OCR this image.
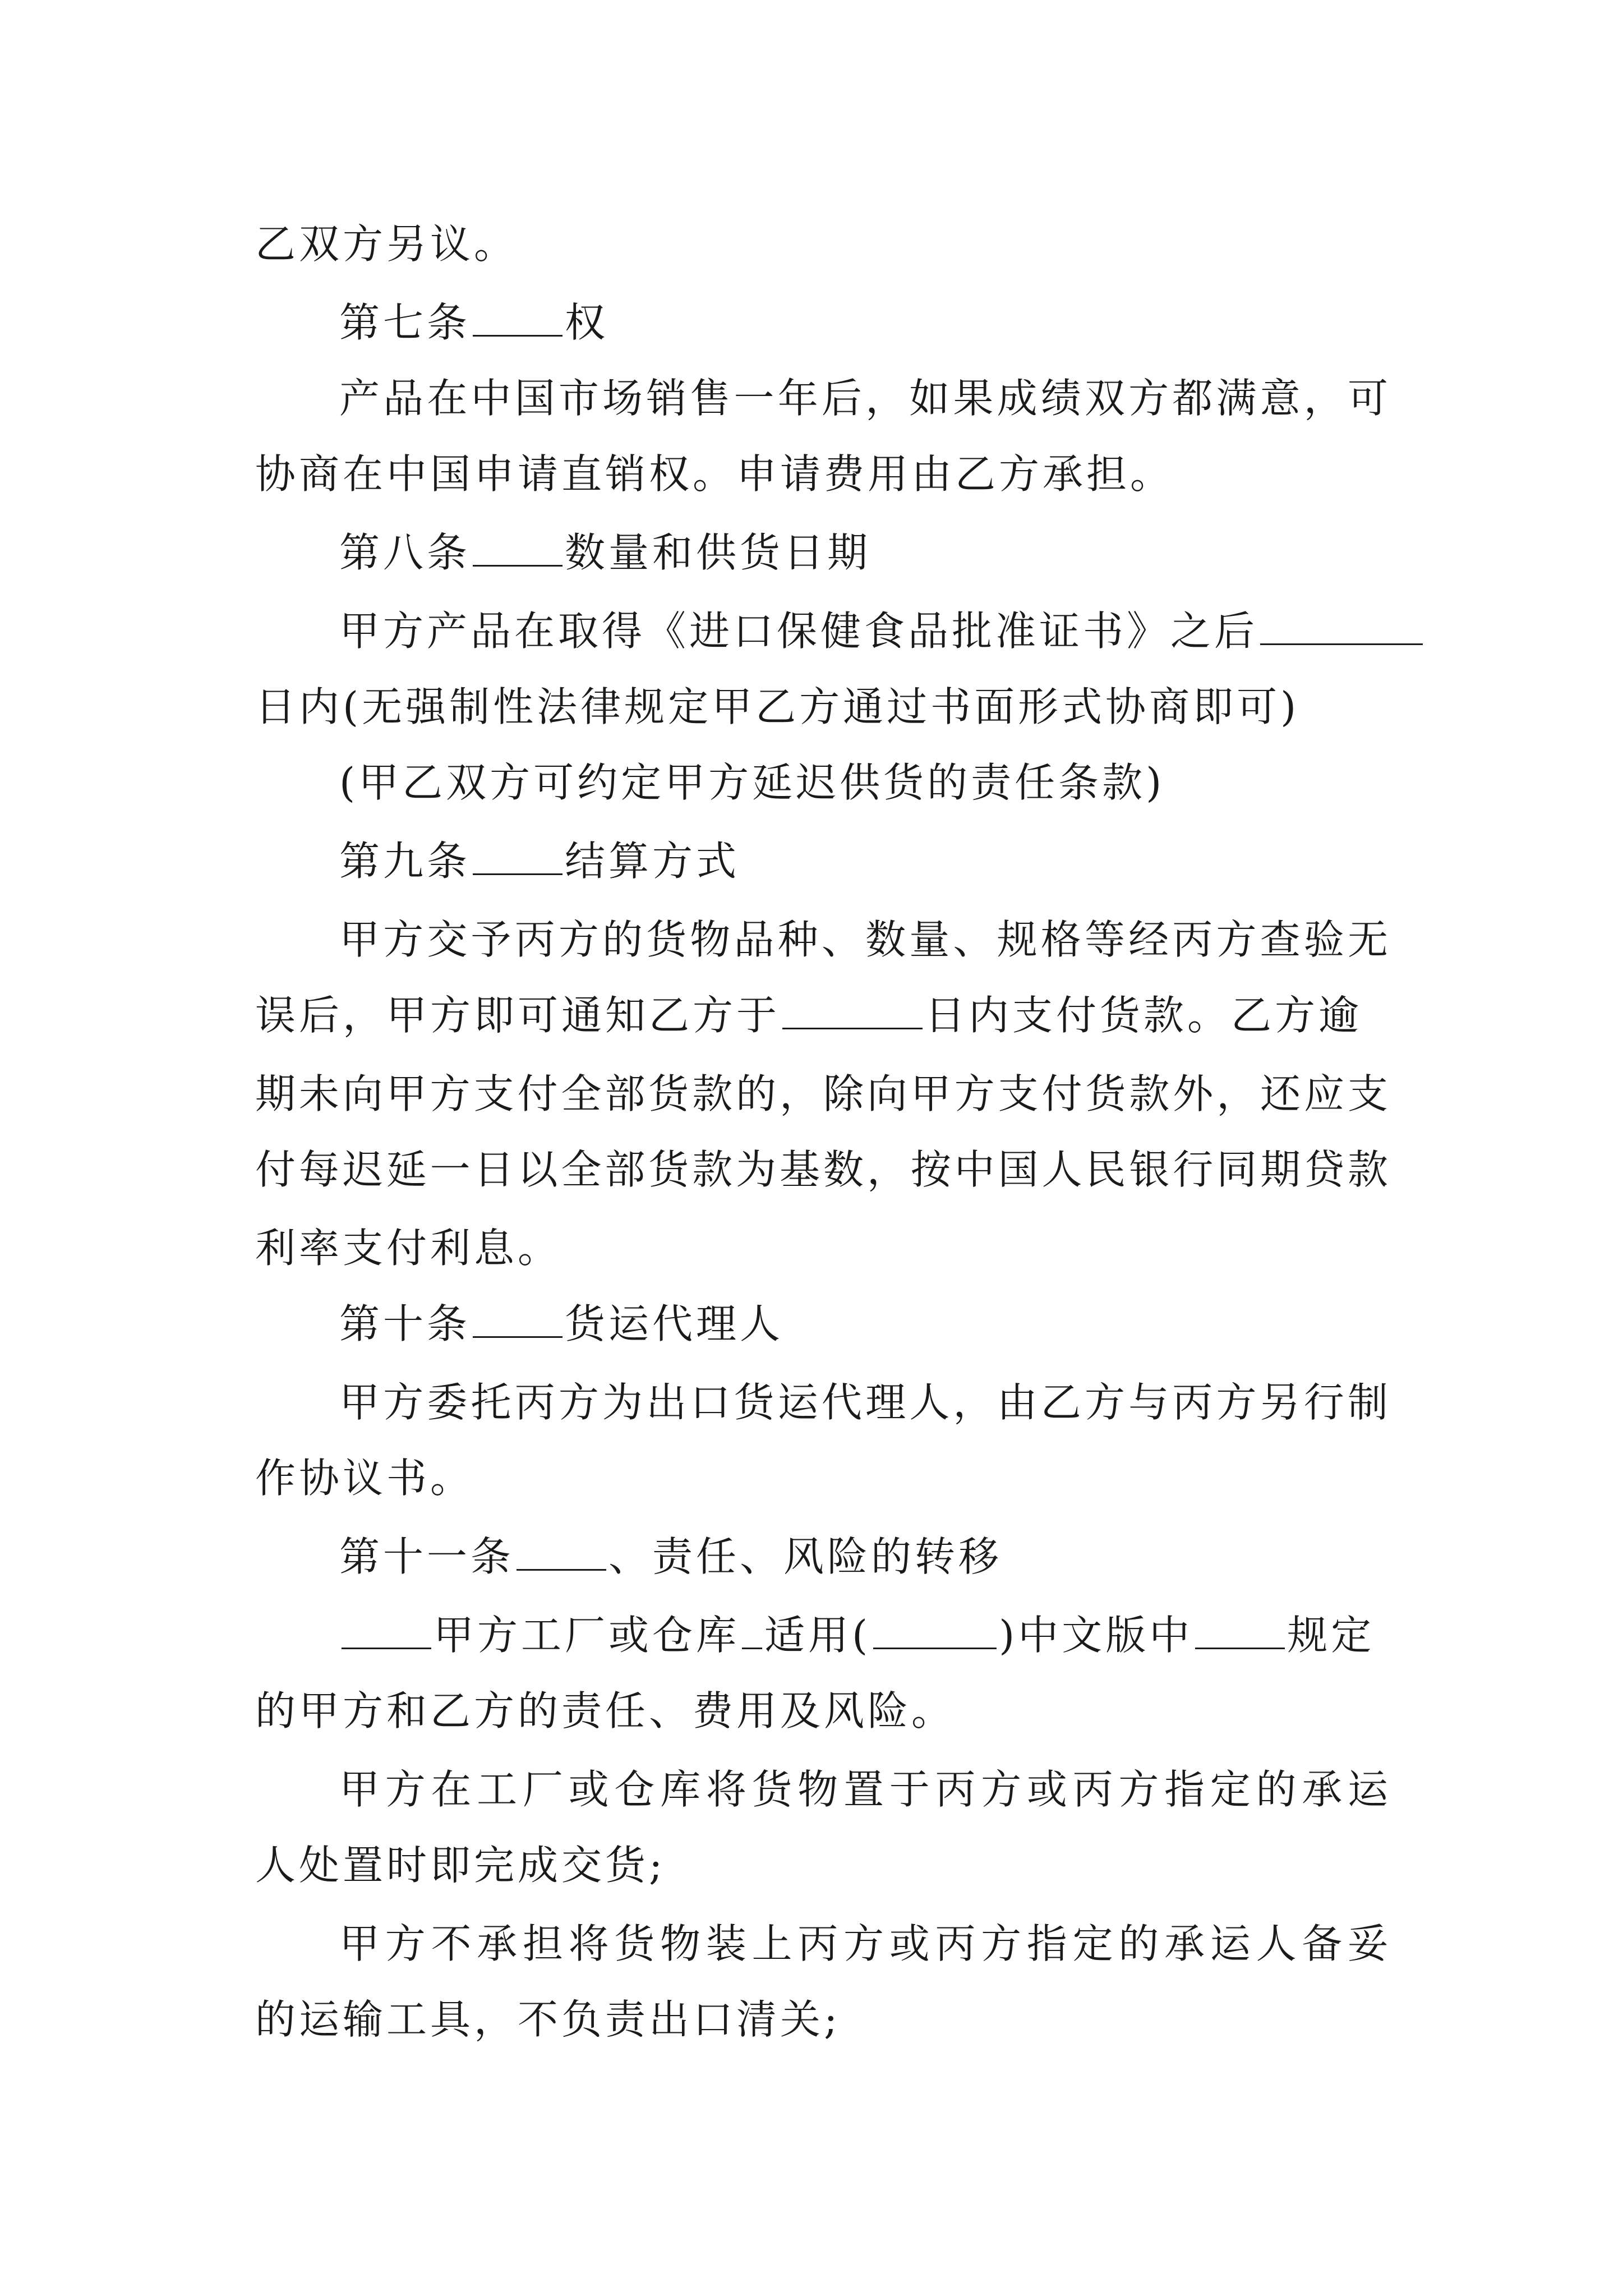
乙双方另议。
第七条 权
产品在中国市场销售一年后，如果成绩双方都满意，可
协商在中国申请直销权。申请费用由乙方承担。
第八条 数量和供货日期
甲方产品在取得《进口保健食品批准证书》之后
日内(无强制性法律规定甲乙方通过书面形式协商即可)
(甲乙双方可约定甲方延迟供货的责任条款)
第九条 结算方式
甲方交予丙方的货物品种、数量、规格等经丙方查验无
误后，甲方即可通知乙方于	日内支付货款。乙方逾
期未向甲方支付全部货款的，除向甲方支付货款外，还应支
付每迟延一日以全部货款为基数，按中国人民银行同期贷款
利率支付利息。
第十条 货运代理人
甲方委托丙方为出口货运代理人，由乙方与丙方另行制
作协议书。
第十一条 、责任、风险的转移
甲方工厂或仓库 适用(	)中文版中 规定
的甲方和乙方的责任、费用及风险。
甲方在工厂或仓库将货物置于丙方或丙方指定的承运
人处置时即完成交货;
甲方不承担将货物装上丙方或丙方指定的承运人备妥
的运输工具，不负责出口清关;
